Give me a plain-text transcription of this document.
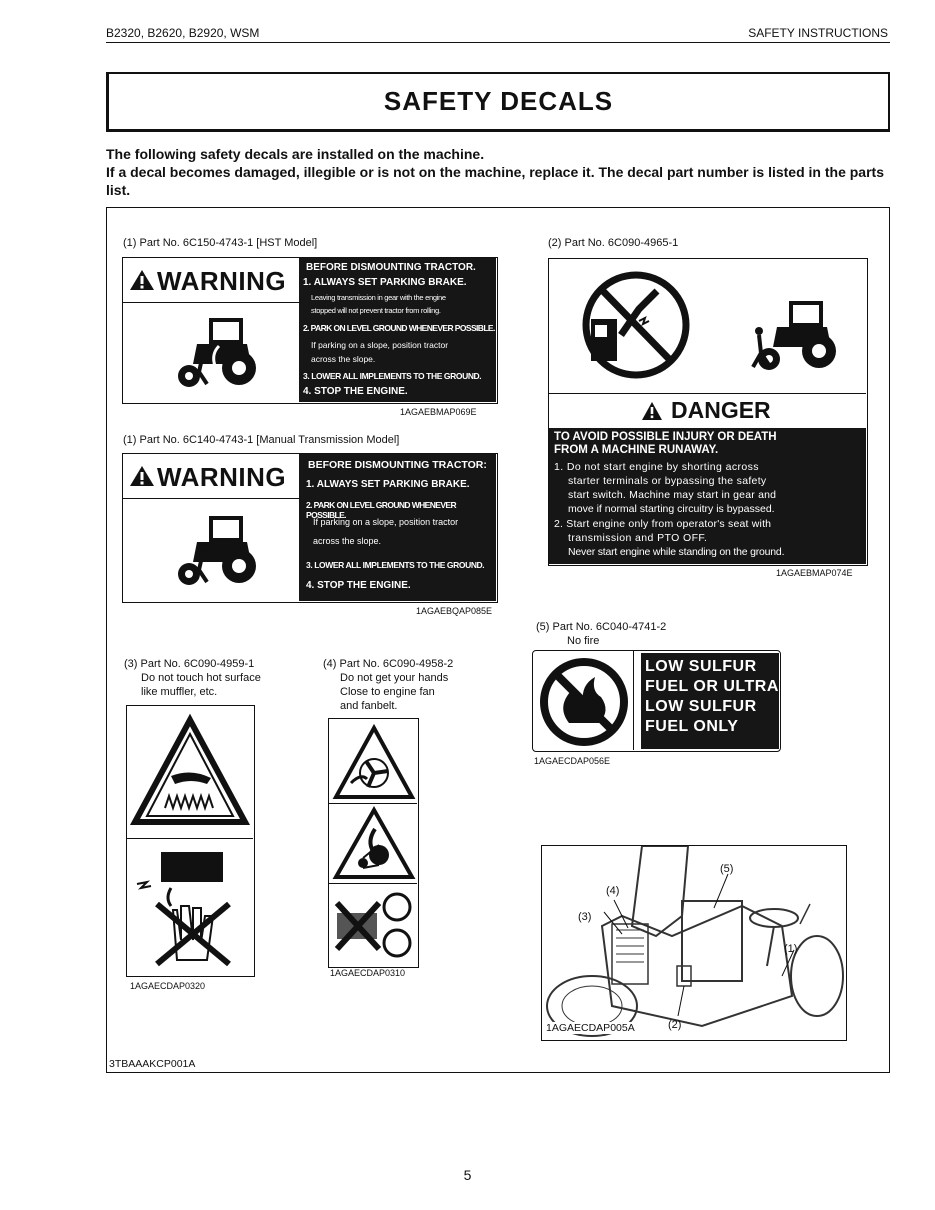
B2320, B2620, B2920, WSM	SAFETY INSTRUCTIONS
SAFETY DECALS
The following safety decals are installed on the machine.
If a decal becomes damaged, illegible or is not on the machine, replace it. The decal part number is listed in the parts list.
(1) Part No. 6C150-4743-1 [HST Model]
WARNING BEFORE DISMOUNTING TRACTOR.
1. ALWAYS SET PARKING BRAKE.
Leaving transmission in gear with the engine
stopped will not prevent tractor from rolling.
2. PARK ON LEVEL GROUND WHENEVER POSSIBLE.
If parking on a slope, position tractor
across the slope.
3. LOWER ALL IMPLEMENTS TO THE GROUND.
4. STOP THE ENGINE.
1AGAEBMAP069E
(1) Part No. 6C140-4743-1 [Manual Transmission Model]
WARNING BEFORE DISMOUNTING TRACTOR:
1. ALWAYS SET PARKING BRAKE.
2. PARK ON LEVEL GROUND WHENEVER POSSIBLE.
If parking on a slope, position tractor
across the slope.
3. LOWER ALL IMPLEMENTS TO THE GROUND.
4. STOP THE ENGINE.
1AGAEBQAP085E
(2) Part No. 6C090-4965-1
DANGER
TO AVOID POSSIBLE INJURY OR DEATH
FROM A MACHINE RUNAWAY.
1. Do not start engine by shorting across
starter terminals or bypassing the safety
start switch. Machine may start in gear and
move if normal starting circuitry is bypassed.
2. Start engine only from operator's seat with
transmission and PTO OFF.
Never start engine while standing on the ground.
1AGAEBMAP074E
(5) Part No. 6C040-4741-2
No fire
LOW SULFUR
FUEL OR ULTRA
LOW SULFUR
FUEL ONLY
1AGAECDAP056E
(3) Part No. 6C090-4959-1
Do not touch hot surface
like muffler, etc.
1AGAECDAP0320
(4) Part No. 6C090-4958-2
Do not get your hands
Close to engine fan
and fanbelt.
1AGAECDAP0310
(5)
(4)
(3)
(1)
(2)
1AGAECDAP005A
3TBAAAKCP001A
5
